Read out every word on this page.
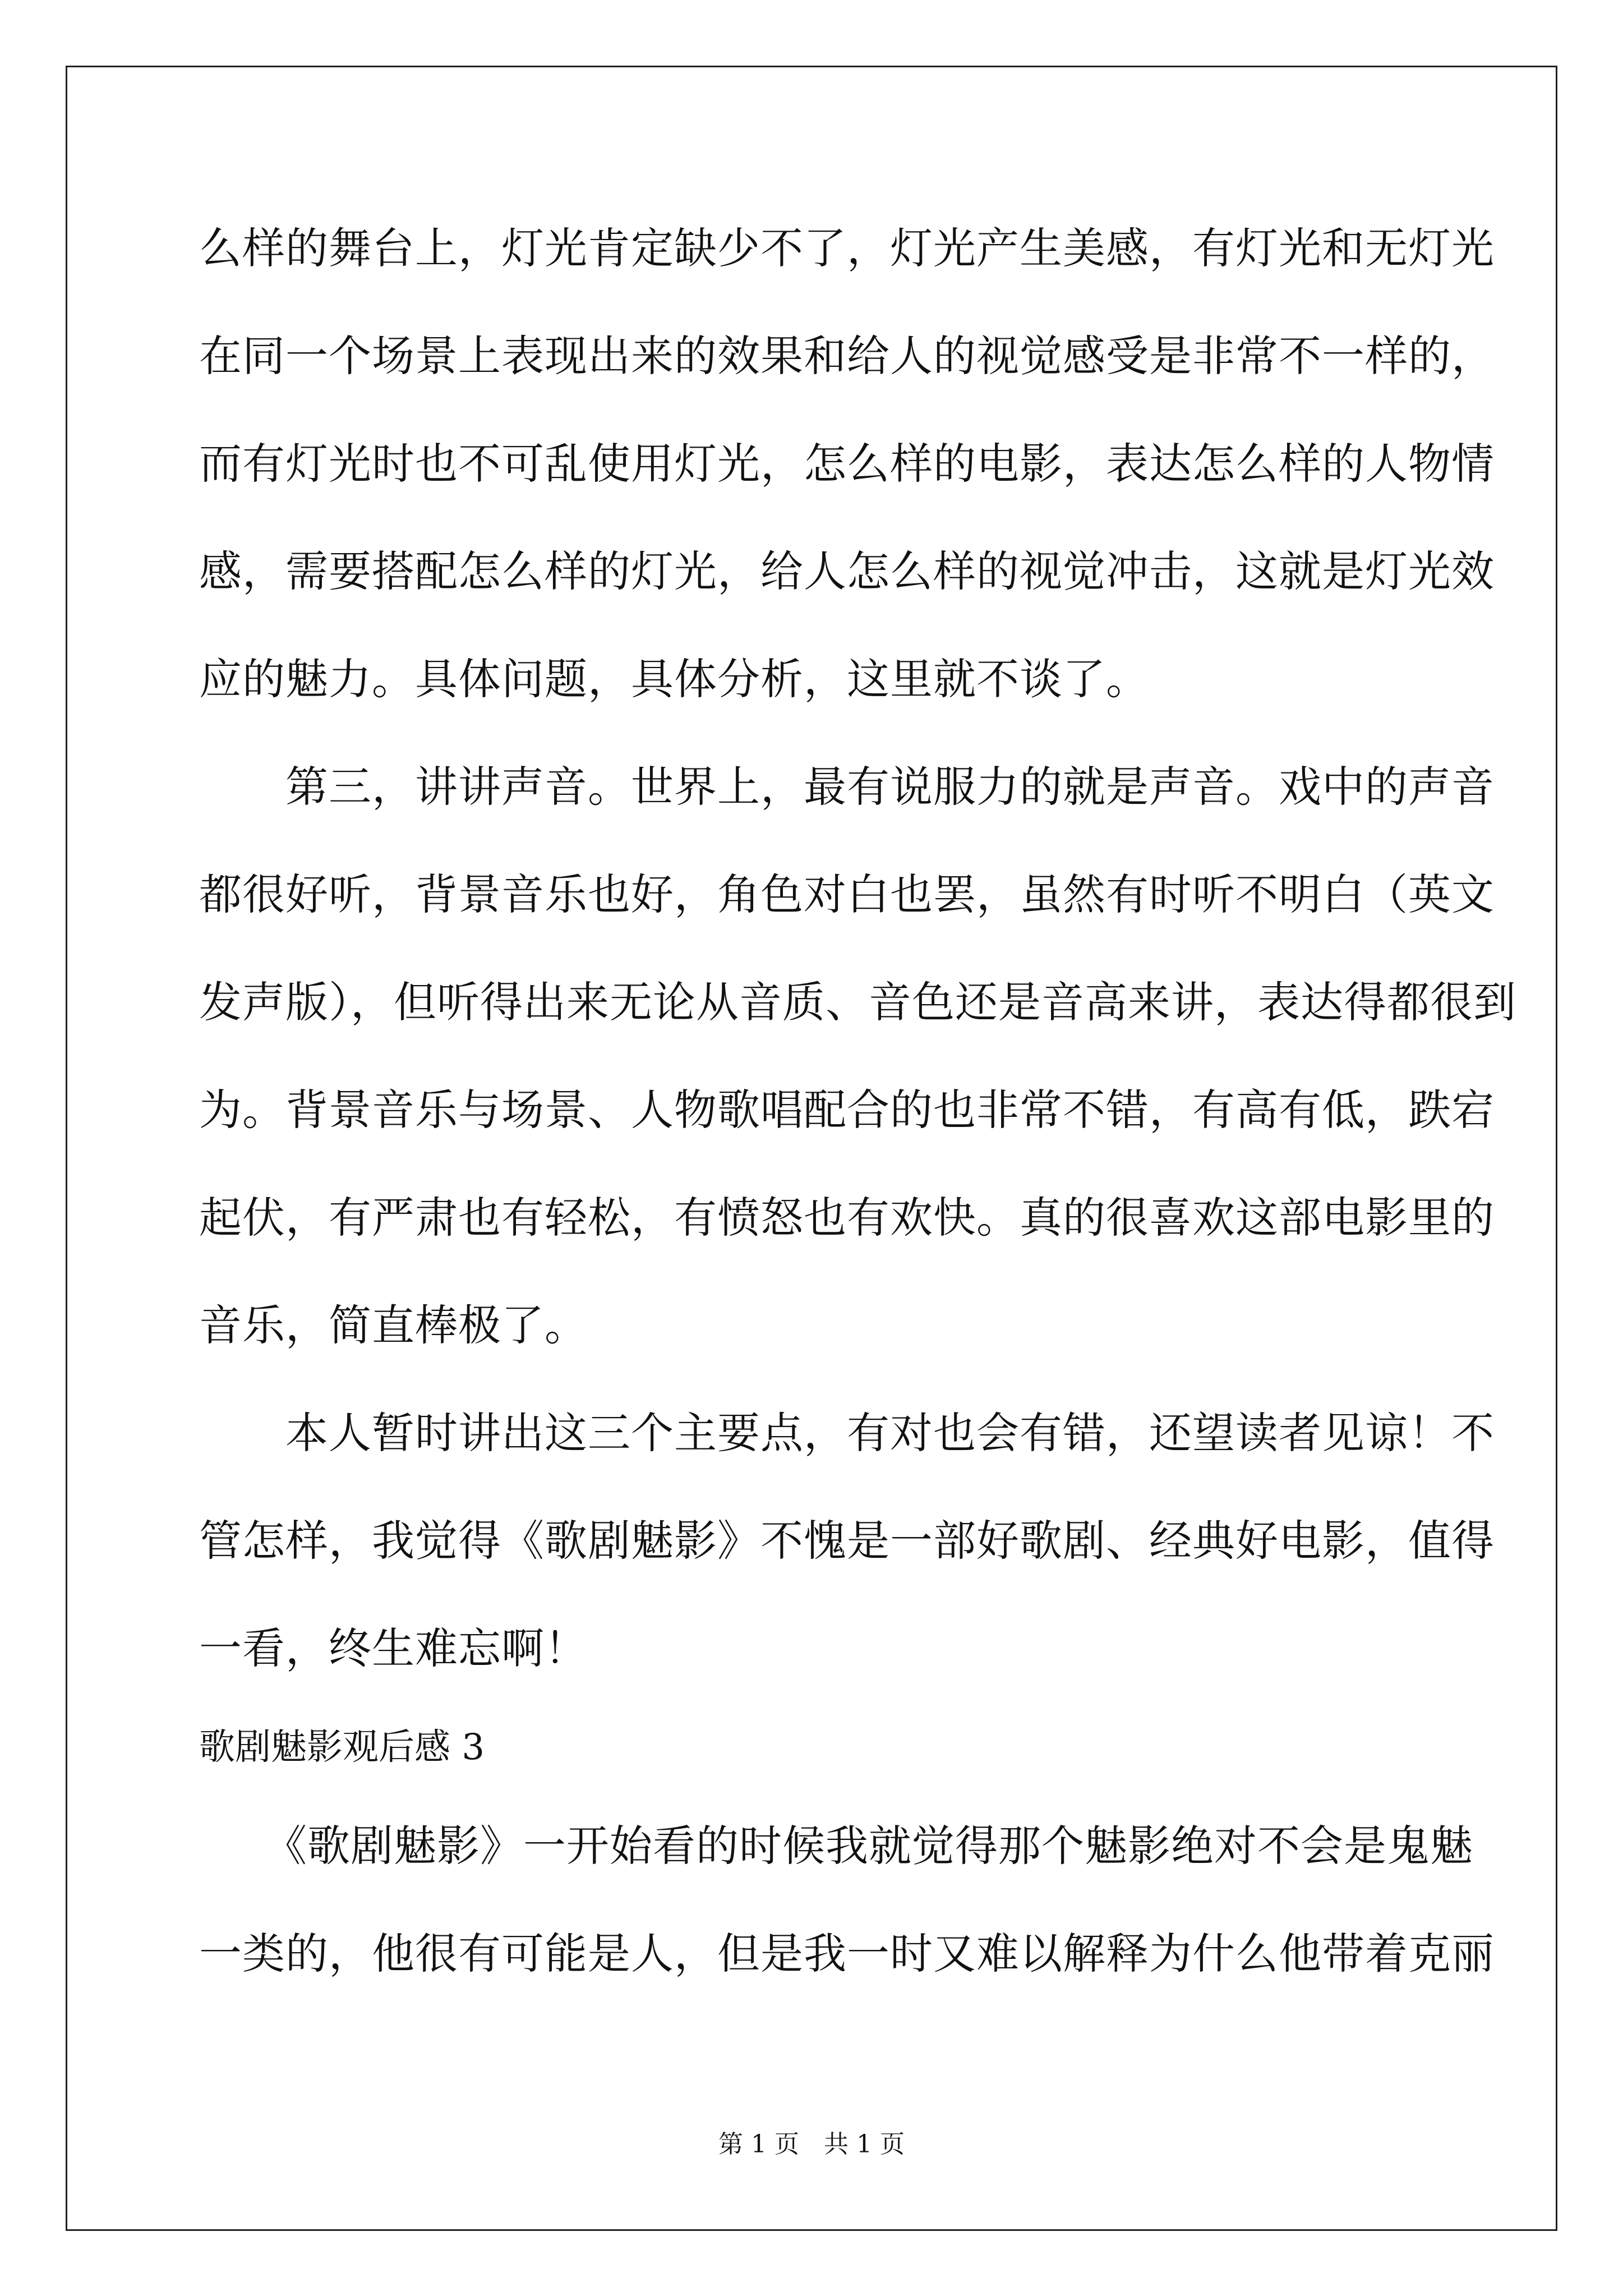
么样的舞台上，灯光肯定缺少不了，灯光产生美感，有灯光和无灯光
在同一个场景上表现出来的效果和给人的视觉感受是非常不一样的，
而有灯光时也不可乱使用灯光，怎么样的电影，表达怎么样的人物情
感，需要搭配怎么样的灯光，给人怎么样的视觉冲击，这就是灯光效
应的魅力。具体问题，具体分析，这里就不谈了。
　　第三，讲讲声音。世界上，最有说服力的就是声音。戏中的声音
都很好听，背景音乐也好，角色对白也罢，虽然有时听不明白（英文
发声版），但听得出来无论从音质、音色还是音高来讲，表达得都很到
为。背景音乐与场景、人物歌唱配合的也非常不错，有高有低，跌宕
起伏，有严肃也有轻松，有愤怒也有欢快。真的很喜欢这部电影里的
音乐，简直棒极了。
　　本人暂时讲出这三个主要点，有对也会有错，还望读者见谅！不
管怎样，我觉得《歌剧魅影》不愧是一部好歌剧、经典好电影，值得
一看，终生难忘啊！
歌剧魅影观后感 3
　　《歌剧魅影》一开始看的时候我就觉得那个魅影绝对不会是鬼魅
一类的，他很有可能是人，但是我一时又难以解释为什么他带着克丽
第 1 页　共 1 页
